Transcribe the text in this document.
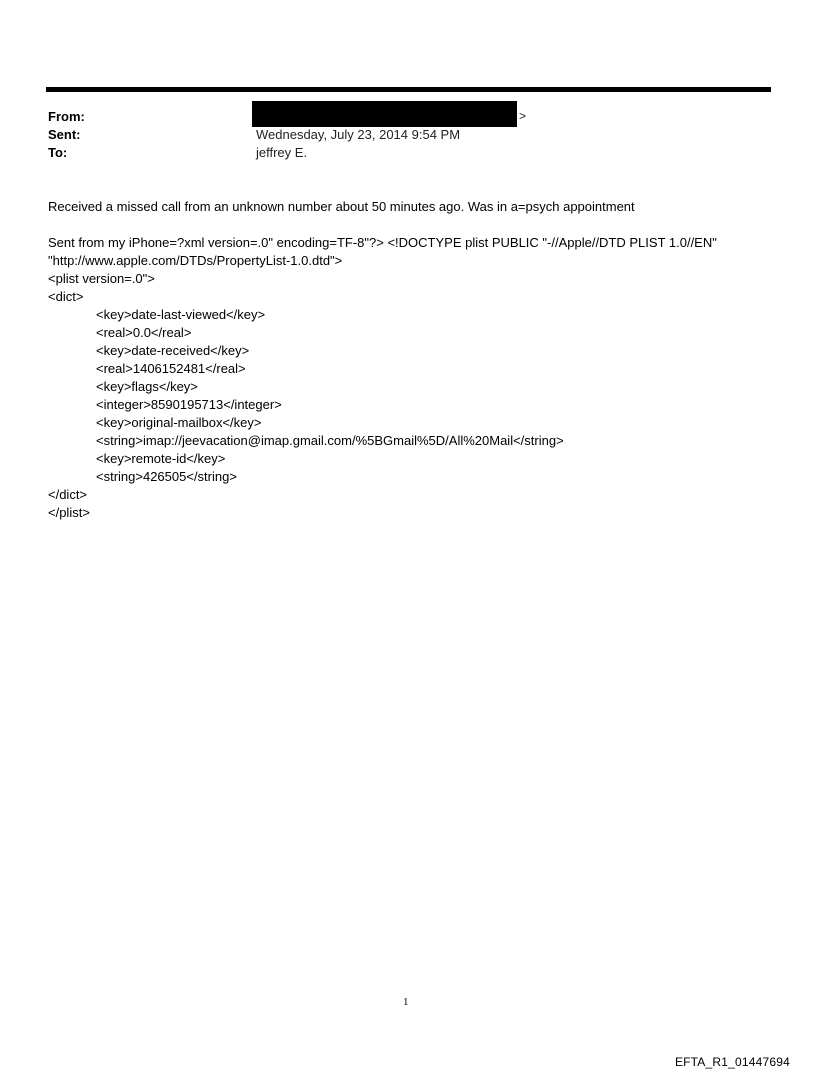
From:	>
Sent:	Wednesday, July 23, 2014 9:54 PM
To:	jeffrey E.
Received a missed call from an unknown number about 50 minutes ago. Was in a=psych appointment
Sent from my iPhone=?xml version=.0" encoding=TF-8"?> <!DOCTYPE plist PUBLIC "-//Apple//DTD PLIST 1.0//EN"
"http://www.apple.com/DTDs/PropertyList-1.0.dtd">
<plist version=.0">
<dict>
<key>date-last-viewed</key>
<real>0.0</real>
<key>date-received</key>
<real>1406152481</real>
<key>flags</key>
<integer>8590195713</integer>
<key>original-mailbox</key>
<string>imap://jeevacation@imap.gmail.com/%5BGmail%5D/All%20Mail</string>
<key>remote-id</key>
<string>426505</string>
</dict>
</plist>
1
EFTA_R1_01447694
